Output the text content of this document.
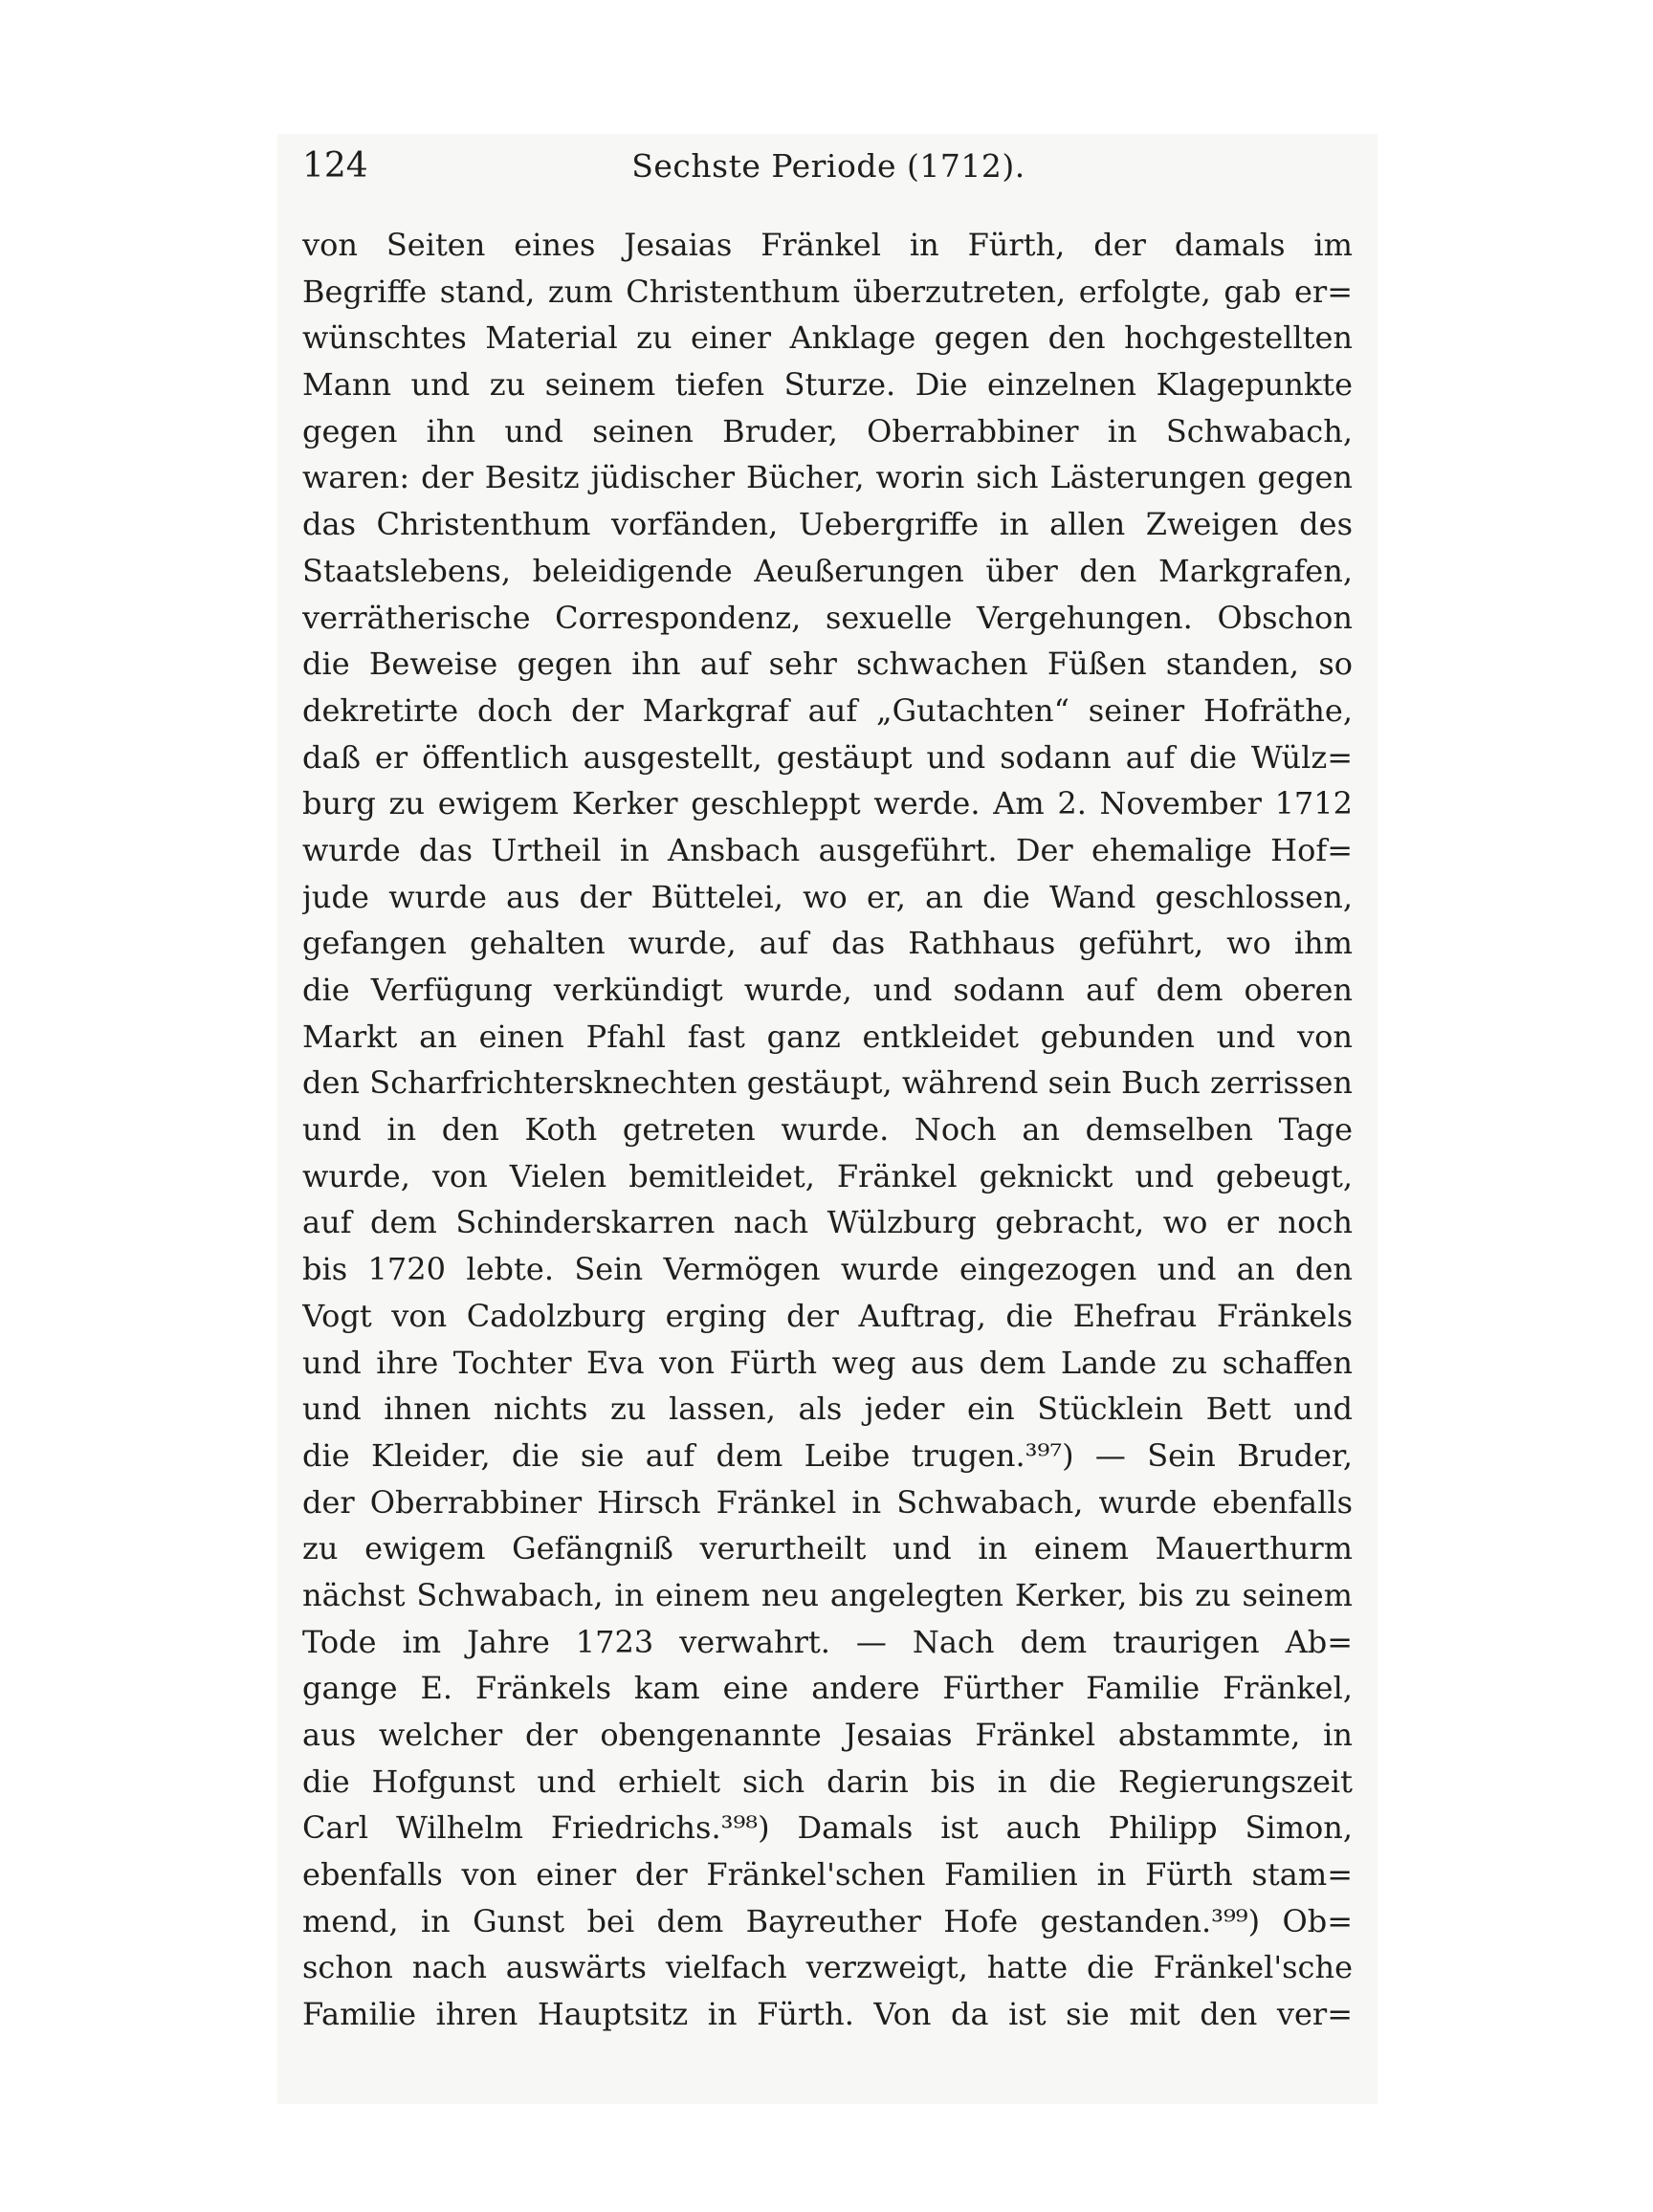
124	Sechste Periode (1712).
von Seiten eines Jesaias Fränkel in Fürth, der damals im
Begriffe stand, zum Christenthum überzutreten, erfolgte, gab er=
wünschtes Material zu einer Anklage gegen den hochgestellten
Mann und zu seinem tiefen Sturze. Die einzelnen Klagepunkte
gegen ihn und seinen Bruder, Oberrabbiner in Schwabach,
waren: der Besitz jüdischer Bücher, worin sich Lästerungen gegen
das Christenthum vorfänden, Uebergriffe in allen Zweigen des
Staatslebens, beleidigende Aeußerungen über den Markgrafen,
verrätherische Correspondenz, sexuelle Vergehungen. Obschon
die Beweise gegen ihn auf sehr schwachen Füßen standen, so
dekretirte doch der Markgraf auf „Gutachten“ seiner Hofräthe,
daß er öffentlich ausgestellt, gestäupt und sodann auf die Wülz=
burg zu ewigem Kerker geschleppt werde. Am 2. November 1712
wurde das Urtheil in Ansbach ausgeführt. Der ehemalige Hof=
jude wurde aus der Büttelei, wo er, an die Wand geschlossen,
gefangen gehalten wurde, auf das Rathhaus geführt, wo ihm
die Verfügung verkündigt wurde, und sodann auf dem oberen
Markt an einen Pfahl fast ganz entkleidet gebunden und von
den Scharfrichtersknechten gestäupt, während sein Buch zerrissen
und in den Koth getreten wurde. Noch an demselben Tage
wurde, von Vielen bemitleidet, Fränkel geknickt und gebeugt,
auf dem Schinderskarren nach Wülzburg gebracht, wo er noch
bis 1720 lebte. Sein Vermögen wurde eingezogen und an den
Vogt von Cadolzburg erging der Auftrag, die Ehefrau Fränkels
und ihre Tochter Eva von Fürth weg aus dem Lande zu schaffen
und ihnen nichts zu lassen, als jeder ein Stücklein Bett und
die Kleider, die sie auf dem Leibe trugen.³⁹⁷) — Sein Bruder,
der Oberrabbiner Hirsch Fränkel in Schwabach, wurde ebenfalls
zu ewigem Gefängniß verurtheilt und in einem Mauerthurm
nächst Schwabach, in einem neu angelegten Kerker, bis zu seinem
Tode im Jahre 1723 verwahrt. — Nach dem traurigen Ab=
gange E. Fränkels kam eine andere Fürther Familie Fränkel,
aus welcher der obengenannte Jesaias Fränkel abstammte, in
die Hofgunst und erhielt sich darin bis in die Regierungszeit
Carl Wilhelm Friedrichs.³⁹⁸) Damals ist auch Philipp Simon,
ebenfalls von einer der Fränkel'schen Familien in Fürth stam=
mend, in Gunst bei dem Bayreuther Hofe gestanden.³⁹⁹) Ob=
schon nach auswärts vielfach verzweigt, hatte die Fränkel'sche
Familie ihren Hauptsitz in Fürth. Von da ist sie mit den ver=
